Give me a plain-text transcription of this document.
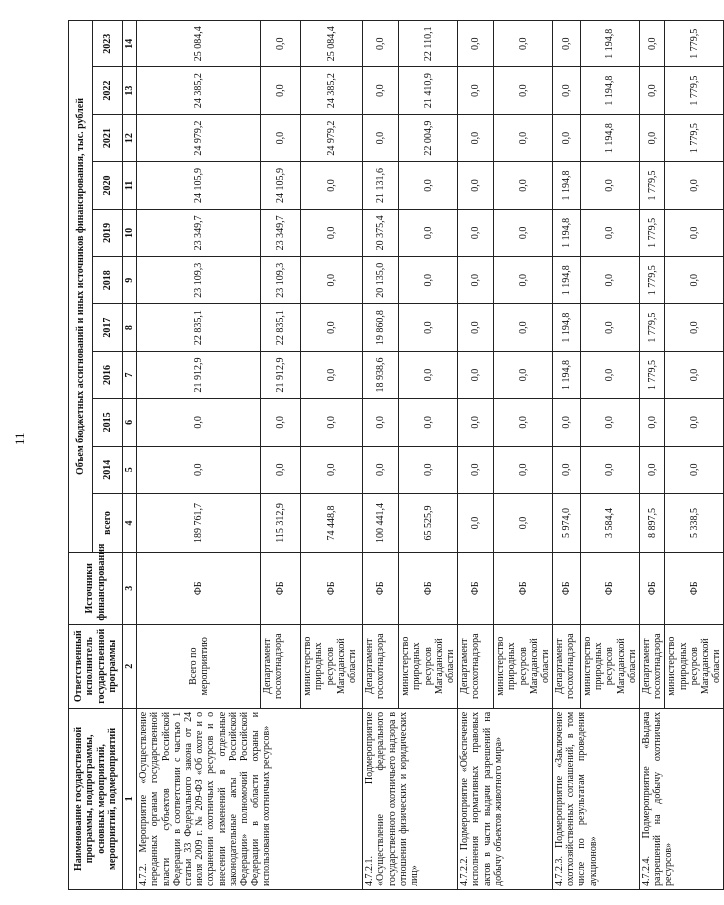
11
Наименование государственной программы, подпрограммы, основных мероприятий, мероприятий, подмероприятий	Ответственный исполнитель государственной программы	Источники финансирования	Объем бюджетных ассигнований и иных источников финансирования, тыс. рублей										
			всего	2014	2015	2016	2017	2018	2019	2020	2021	2022	2023
1	2	3	4	5	6	7	8	9	10	11	12	13	14
4.7.2. Мероприятие «Осуществление переданных органам государственной власти субъектов Российской Федерации в соответствии с частью 1 статьи 33 Федерального закона от 24 июля 2009 г. № 209-ФЗ «Об охоте и о сохранении охотничьих ресурсов и о внесении изменений в отдельные законодательные акты Российской Федерации» полномочий Российской Федерации в области охраны и использования охотничьих ресурсов»	Всего по мероприятию	ФБ	189 761,7	0,0	0,0	21 912,9	22 835,1	23 109,3	23 349,7	24 105,9	24 979,2	24 385,2	25 084,4
	Департамент госохотнадзора	ФБ	115 312,9	0,0	0,0	21 912,9	22 835,1	23 109,3	23 349,7	24 105,9	0,0	0,0	0,0
	министерство природных ресурсов Магаданской области	ФБ	74 448,8	0,0	0,0	0,0	0,0	0,0	0,0	0,0	24 979,2	24 385,2	25 084,4
4.7.2.1. Подмероприятие «Осуществление федерального государственного охотничьего надзора в отношении физических и юридических лиц»	Департамент госохотнадзора	ФБ	100 441,4	0,0	0,0	18 938,6	19 860,8	20 135,0	20 375,4	21 131,6	0,0	0,0	0,0
	министерство природных ресурсов Магаданской области	ФБ	65 525,9	0,0	0,0	0,0	0,0	0,0	0,0	0,0	22 004,9	21 410,9	22 110,1
4.7.2.2. Подмероприятие «Обеспечение исполнения нормативных правовых актов в части выдачи разрешений на добычу объектов животного мира»	Департамент госохотнадзора	ФБ	0,0	0,0	0,0	0,0	0,0	0,0	0,0	0,0	0,0	0,0	0,0
	министерство природных ресурсов Магаданской области	ФБ	0,0	0,0	0,0	0,0	0,0	0,0	0,0	0,0	0,0	0,0	0,0
4.7.2.3. Подмероприятие «Заключение охотхозяйственных соглашений, в том числе по результатам проведения аукционов»	Департамент госохотнадзора	ФБ	5 974,0	0,0	0,0	1 194,8	1 194,8	1 194,8	1 194,8	1 194,8	0,0	0,0	0,0
	министерство природных ресурсов Магаданской области	ФБ	3 584,4	0,0	0,0	0,0	0,0	0,0	0,0	0,0	1 194,8	1 194,8	1 194,8
4.7.2.4. Подмероприятие «Выдача разрешений на добычу охотничьих ресурсов»	Департамент госохотнадзора	ФБ	8 897,5	0,0	0,0	1 779,5	1 779,5	1 779,5	1 779,5	1 779,5	0,0	0,0	0,0
	министерство природных ресурсов Магаданской области	ФБ	5 338,5	0,0	0,0	0,0	0,0	0,0	0,0	0,0	1 779,5	1 779,5	1 779,5
